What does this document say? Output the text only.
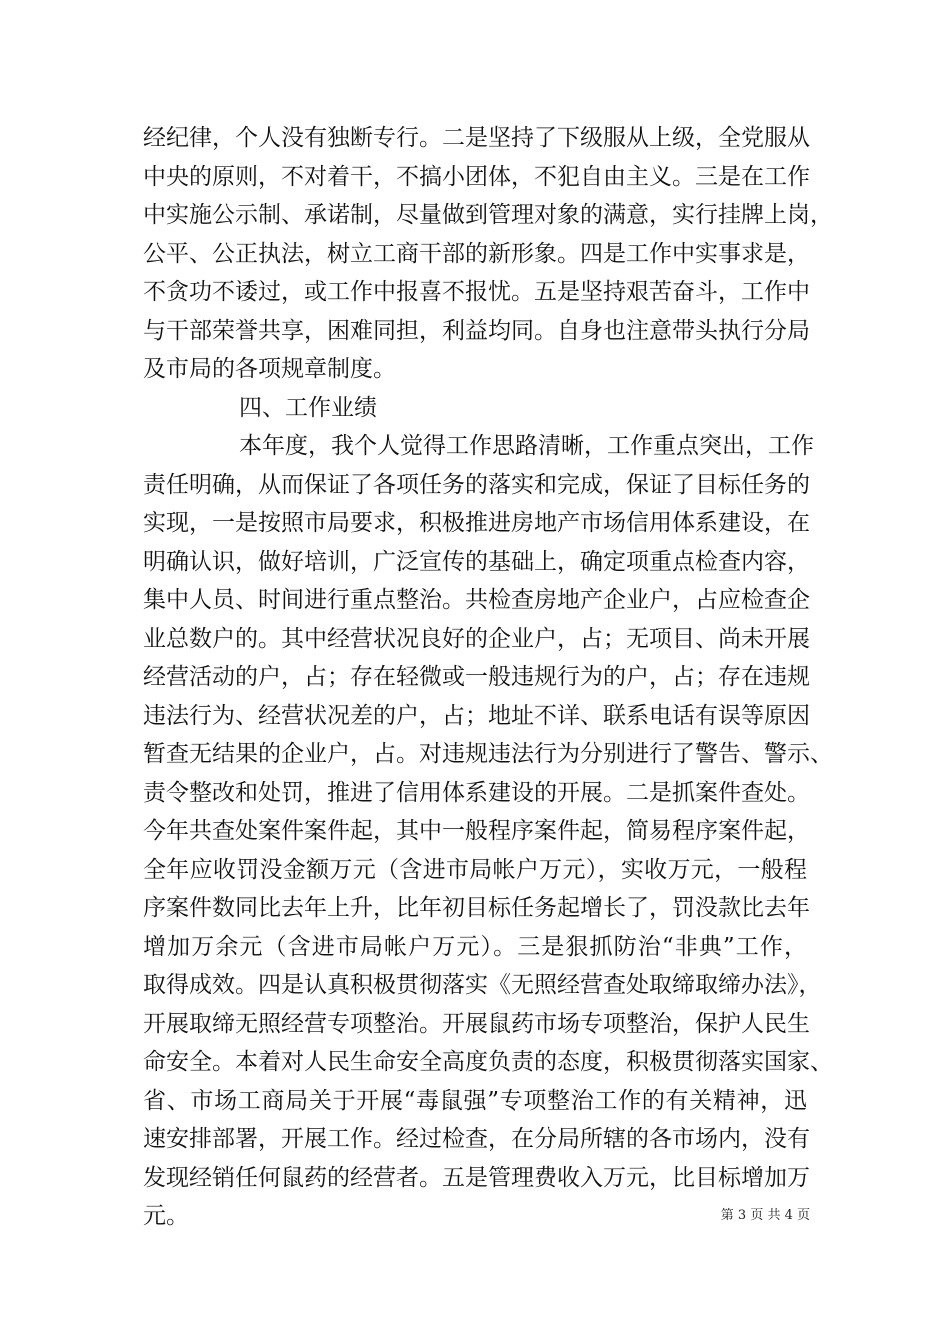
经纪律，个人没有独断专行。二是坚持了下级服从上级，全党服从
中央的原则，不对着干，不搞小团体，不犯自由主义。三是在工作
中实施公示制、承诺制，尽量做到管理对象的满意，实行挂牌上岗，
公平、公正执法，树立工商干部的新形象。四是工作中实事求是，
不贪功不诿过，或工作中报喜不报忧。五是坚持艰苦奋斗，工作中
与干部荣誉共享，困难同担，利益均同。自身也注意带头执行分局
及市局的各项规章制度。
四、工作业绩
本年度，我个人觉得工作思路清晰，工作重点突出，工作
责任明确，从而保证了各项任务的落实和完成，保证了目标任务的
实现，一是按照市局要求，积极推进房地产市场信用体系建设，在
明确认识，做好培训，广泛宣传的基础上，确定项重点检查内容，
集中人员、时间进行重点整治。共检查房地产企业户，占应检查企
业总数户的。其中经营状况良好的企业户，占；无项目、尚未开展
经营活动的户，占；存在轻微或一般违规行为的户，占；存在违规
违法行为、经营状况差的户，占；地址不详、联系电话有误等原因
暂查无结果的企业户，占。对违规违法行为分别进行了警告、警示、
责令整改和处罚，推进了信用体系建设的开展。二是抓案件查处。
今年共查处案件案件起，其中一般程序案件起，简易程序案件起，
全年应收罚没金额万元（含进市局帐户万元），实收万元，一般程
序案件数同比去年上升，比年初目标任务起增长了，罚没款比去年
增加万余元（含进市局帐户万元）。三是狠抓防治“非典”工作，
取得成效。四是认真积极贯彻落实《无照经营查处取缔取缔办法》，
开展取缔无照经营专项整治。开展鼠药市场专项整治，保护人民生
命安全。本着对人民生命安全高度负责的态度，积极贯彻落实国家、
省、市场工商局关于开展“毒鼠强”专项整治工作的有关精神，迅
速安排部署，开展工作。经过检查，在分局所辖的各市场内，没有
发现经销任何鼠药的经营者。五是管理费收入万元，比目标增加万
元。	第 3 页 共 4 页
